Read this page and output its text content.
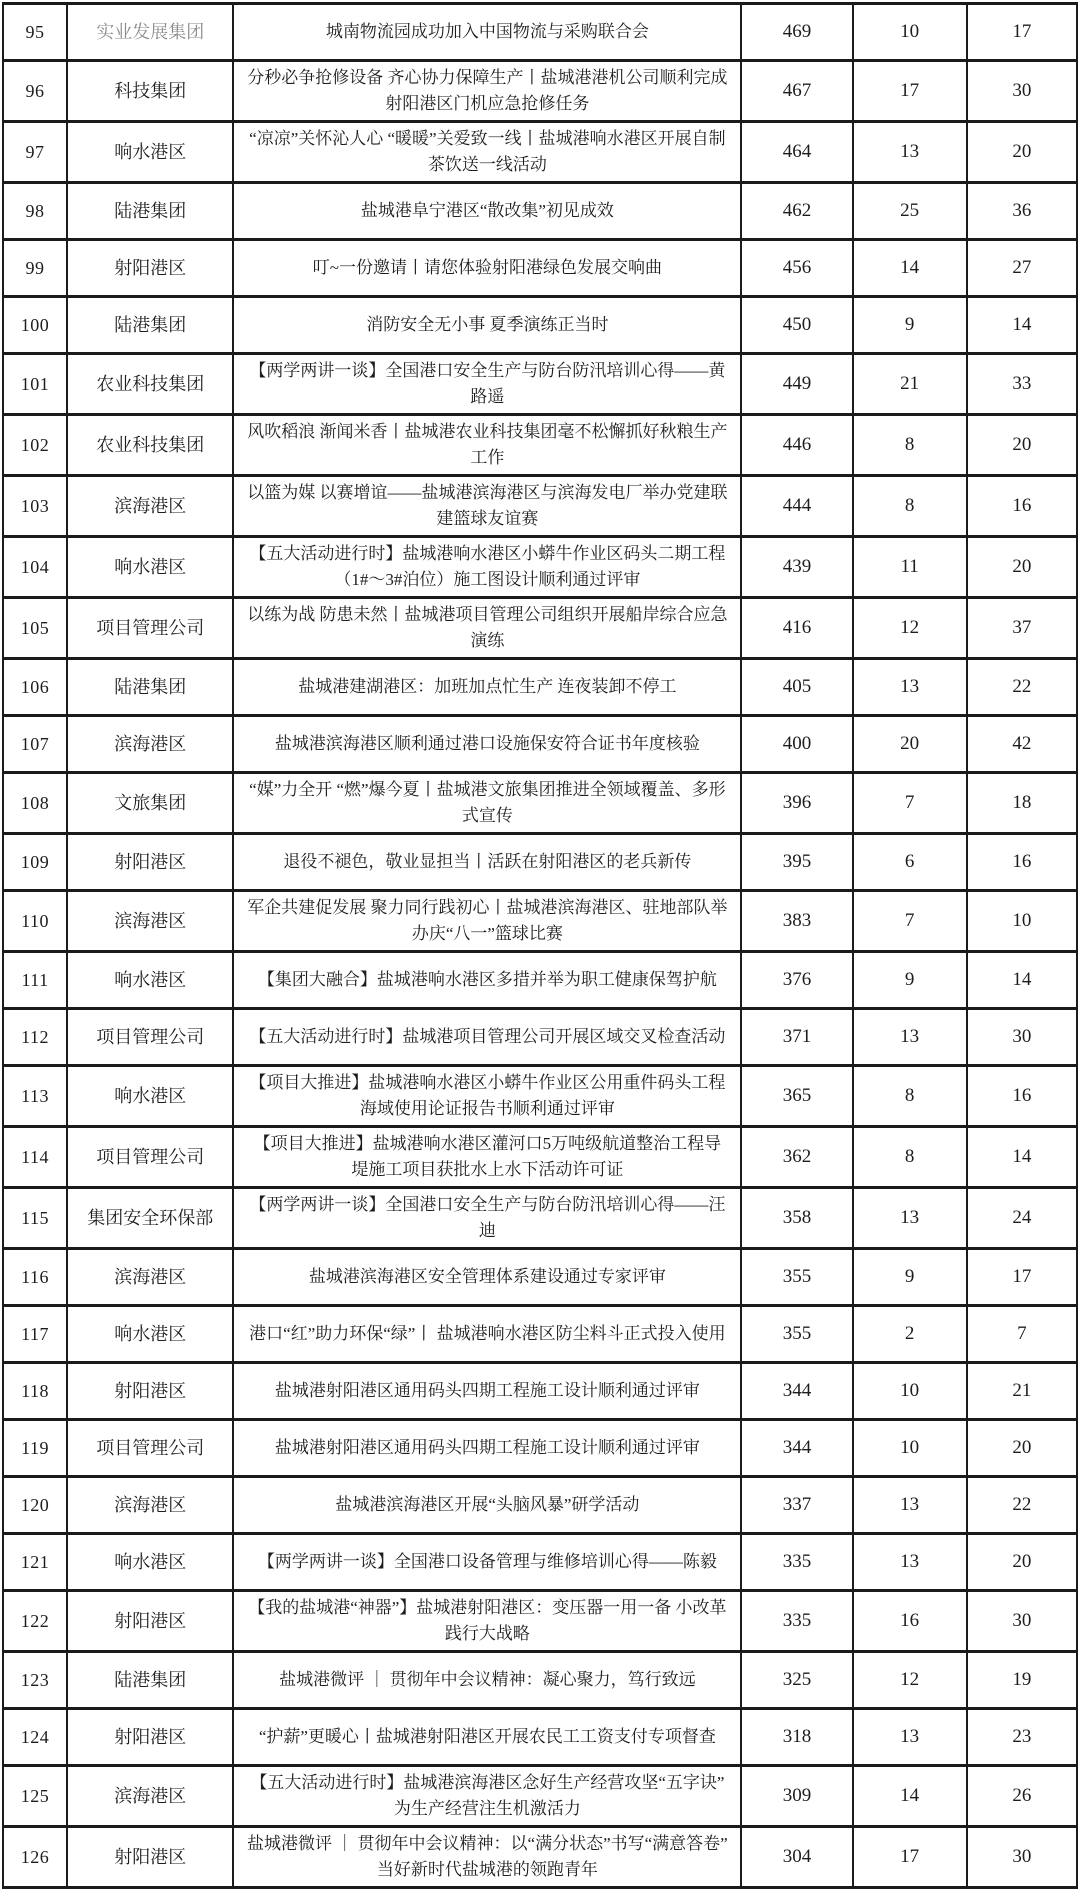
95	实业发展集团	城南物流园成功加入中国物流与采购联合会	469	10	17
96	科技集团	分秒必争抢修设备 齐心协力保障生产丨盐城港港机公司顺利完成射阳港区门机应急抢修任务	467	17	30
97	响水港区	“凉凉”关怀沁人心 “暖暖”关爱致一线丨盐城港响水港区开展自制茶饮送一线活动	464	13	20
98	陆港集团	盐城港阜宁港区“散改集”初见成效	462	25	36
99	射阳港区	叮~一份邀请丨请您体验射阳港绿色发展交响曲	456	14	27
100	陆港集团	消防安全无小事 夏季演练正当时	450	9	14
101	农业科技集团	【两学两讲一谈】全国港口安全生产与防台防汛培训心得——黄路遥	449	21	33
102	农业科技集团	风吹稻浪 渐闻米香丨盐城港农业科技集团毫不松懈抓好秋粮生产工作	446	8	20
103	滨海港区	以篮为媒 以赛增谊——盐城港滨海港区与滨海发电厂举办党建联建篮球友谊赛	444	8	16
104	响水港区	【五大活动进行时】盐城港响水港区小蟒牛作业区码头二期工程（1#～3#泊位）施工图设计顺利通过评审	439	11	20
105	项目管理公司	以练为战 防患未然丨盐城港项目管理公司组织开展船岸综合应急演练	416	12	37
106	陆港集团	盐城港建湖港区：加班加点忙生产 连夜装卸不停工	405	13	22
107	滨海港区	盐城港滨海港区顺利通过港口设施保安符合证书年度核验	400	20	42
108	文旅集团	“媒”力全开 “燃”爆今夏丨盐城港文旅集团推进全领域覆盖、多形式宣传	396	7	18
109	射阳港区	退役不褪色，敬业显担当丨活跃在射阳港区的老兵新传	395	6	16
110	滨海港区	军企共建促发展 聚力同行践初心丨盐城港滨海港区、驻地部队举办庆“八一”篮球比赛	383	7	10
111	响水港区	【集团大融合】盐城港响水港区多措并举为职工健康保驾护航	376	9	14
112	项目管理公司	【五大活动进行时】盐城港项目管理公司开展区域交叉检查活动	371	13	30
113	响水港区	【项目大推进】盐城港响水港区小蟒牛作业区公用重件码头工程海域使用论证报告书顺利通过评审	365	8	16
114	项目管理公司	【项目大推进】盐城港响水港区灌河口5万吨级航道整治工程导堤施工项目获批水上水下活动许可证	362	8	14
115	集团安全环保部	【两学两讲一谈】全国港口安全生产与防台防汛培训心得——汪迪	358	13	24
116	滨海港区	盐城港滨海港区安全管理体系建设通过专家评审	355	9	17
117	响水港区	港口“红”助力环保“绿”丨 盐城港响水港区防尘料斗正式投入使用	355	2	7
118	射阳港区	盐城港射阳港区通用码头四期工程施工设计顺利通过评审	344	10	21
119	项目管理公司	盐城港射阳港区通用码头四期工程施工设计顺利通过评审	344	10	20
120	滨海港区	盐城港滨海港区开展“头脑风暴”研学活动	337	13	22
121	响水港区	【两学两讲一谈】全国港口设备管理与维修培训心得——陈毅	335	13	20
122	射阳港区	【我的盐城港“神器”】盐城港射阳港区：变压器一用一备 小改革践行大战略	335	16	30
123	陆港集团	盐城港微评 ｜ 贯彻年中会议精神：凝心聚力，笃行致远	325	12	19
124	射阳港区	“护薪”更暖心丨盐城港射阳港区开展农民工工资支付专项督查	318	13	23
125	滨海港区	【五大活动进行时】盐城港滨海港区念好生产经营攻坚“五字诀” 为生产经营注生机激活力	309	14	26
126	射阳港区	盐城港微评 ｜ 贯彻年中会议精神：以“满分状态”书写“满意答卷” 当好新时代盐城港的领跑青年	304	17	30
